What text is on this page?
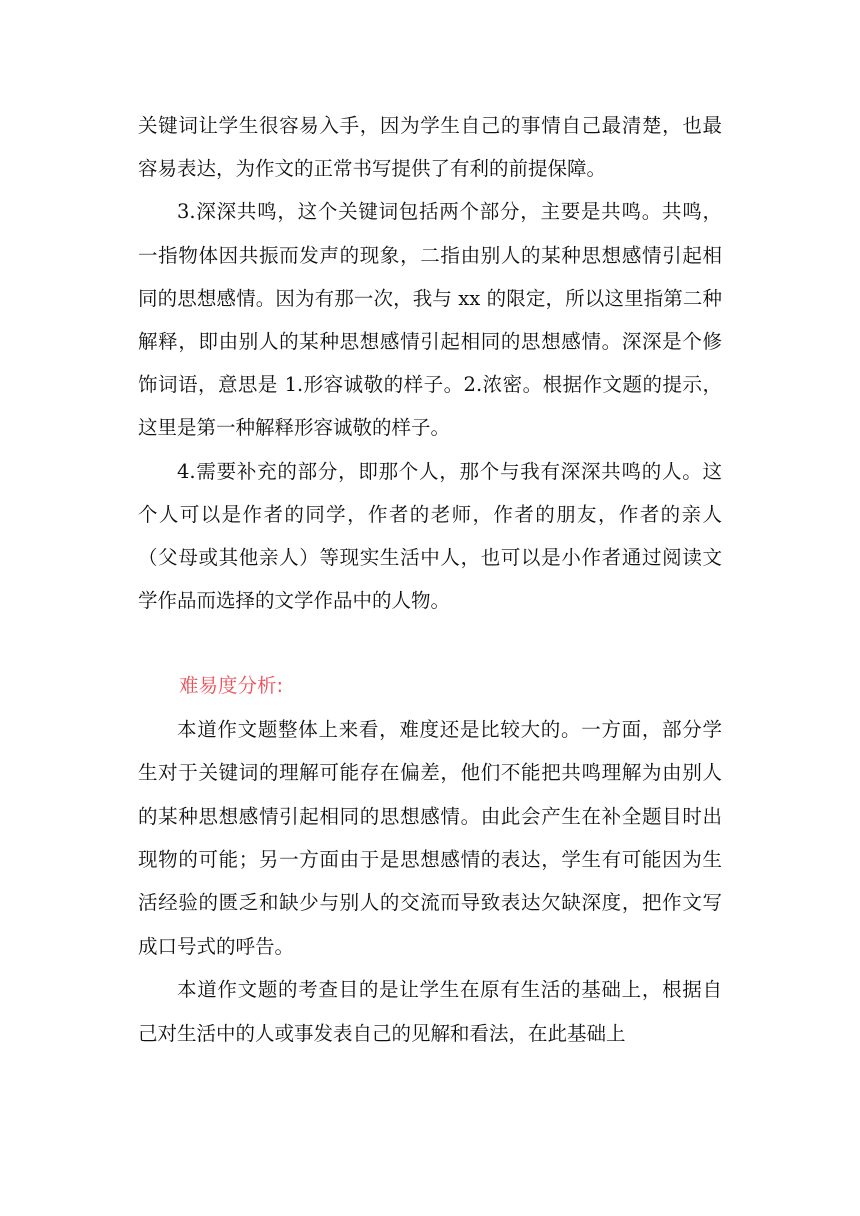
关键词让学生很容易入手，因为学生自己的事情自己最清楚，也最容易表达，为作文的正常书写提供了有利的前提保障。

3.深深共鸣，这个关键词包括两个部分，主要是共鸣。共鸣，一指物体因共振而发声的现象，二指由别人的某种思想感情引起相同的思想感情。因为有那一次，我与 xx 的限定，所以这里指第二种解释，即由别人的某种思想感情引起相同的思想感情。深深是个修饰词语，意思是 1.形容诚敬的样子。2.浓密。根据作文题的提示，这里是第一种解释形容诚敬的样子。

4.需要补充的部分，即那个人，那个与我有深深共鸣的人。这个人可以是作者的同学，作者的老师，作者的朋友，作者的亲人（父母或其他亲人）等现实生活中人，也可以是小作者通过阅读文学作品而选择的文学作品中的人物。

难易度分析:

本道作文题整体上来看，难度还是比较大的。一方面，部分学生对于关键词的理解可能存在偏差，他们不能把共鸣理解为由别人的某种思想感情引起相同的思想感情。由此会产生在补全题目时出现物的可能；另一方面由于是思想感情的表达，学生有可能因为生活经验的匮乏和缺少与别人的交流而导致表达欠缺深度，把作文写成口号式的呼告。

本道作文题的考查目的是让学生在原有生活的基础上，根据自己对生活中的人或事发表自己的见解和看法，在此基础上
